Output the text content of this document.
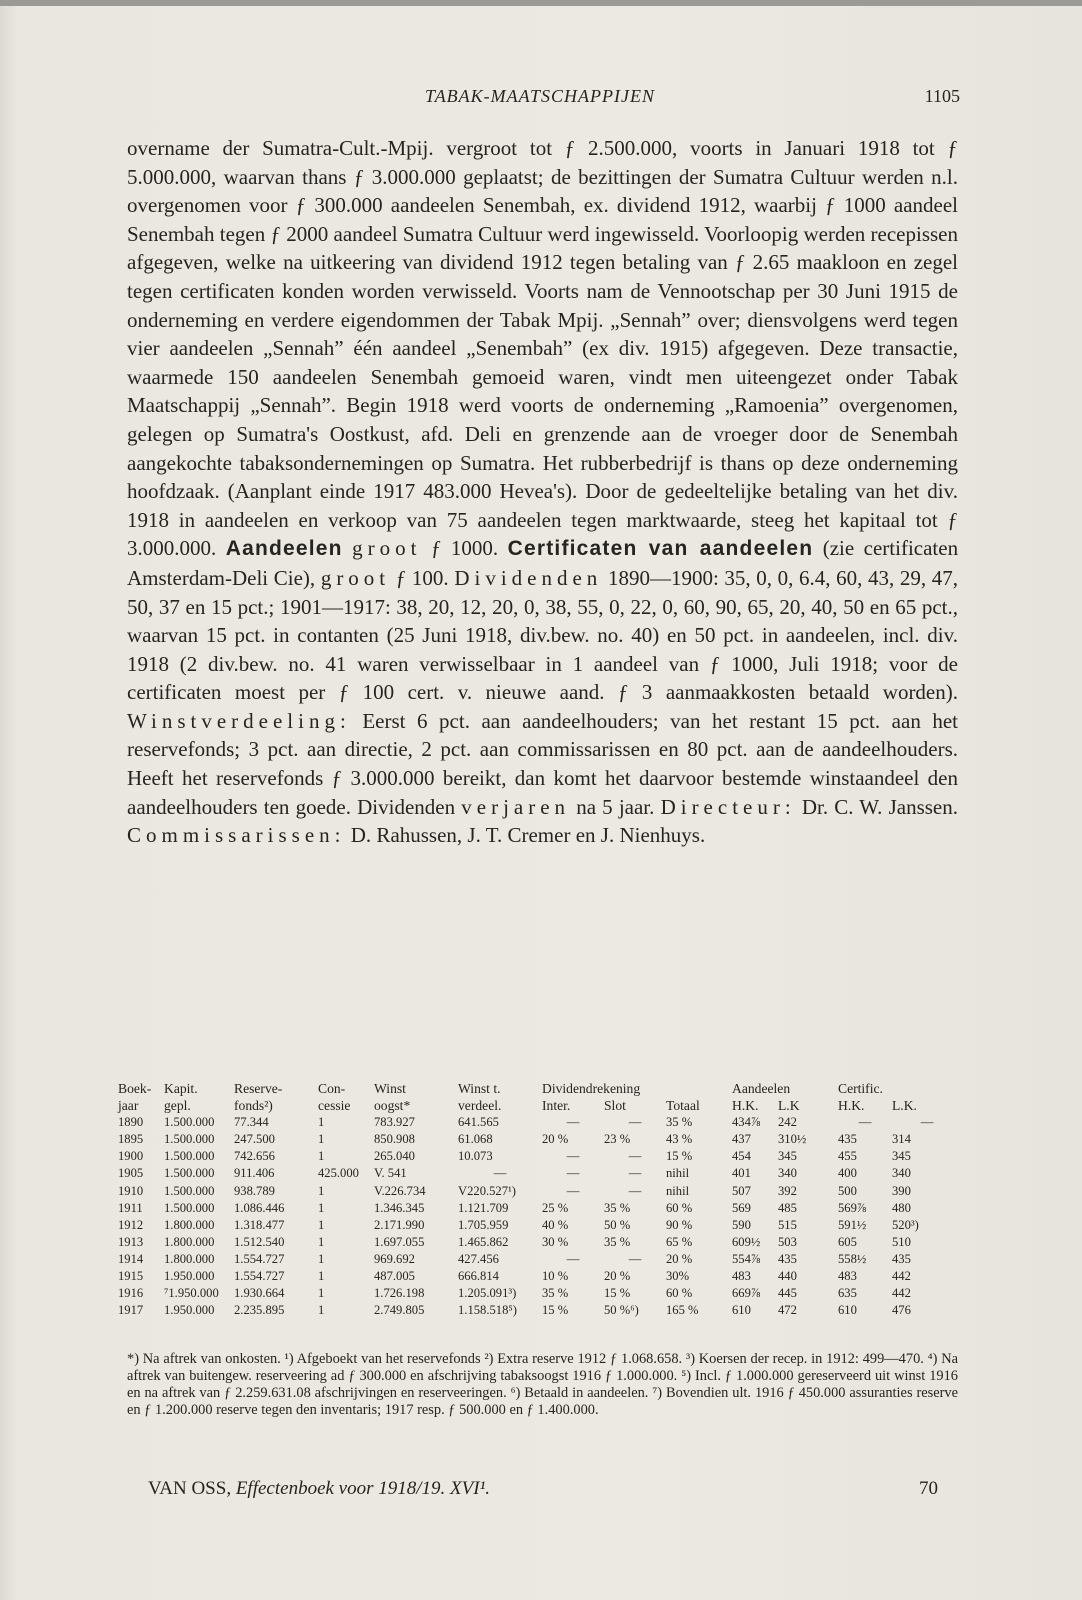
TABAK-MAATSCHAPPIJEN	1105

overname der Sumatra-Cult.-Mpij. vergroot tot ƒ 2.500.000, voorts in Januari 1918 tot ƒ 5.000.000, waarvan thans ƒ 3.000.000 geplaatst; de bezittingen der Sumatra Cultuur werden n.l. overgenomen voor ƒ 300.000 aandeelen Senembah, ex. dividend 1912, waarbij ƒ 1000 aandeel Senembah tegen ƒ 2000 aandeel Sumatra Cultuur werd ingewisseld. Voorloopig werden recepissen afgegeven, welke na uitkeering van dividend 1912 tegen betaling van ƒ 2.65 maakloon en zegel tegen certificaten konden worden verwisseld. Voorts nam de Vennootschap per 30 Juni 1915 de onderneming en verdere eigendommen der Tabak Mpij. „Sennah” over; diensvolgens werd tegen vier aandeelen „Sennah” één aandeel „Senembah” (ex div. 1915) afgegeven. Deze transactie, waarmede 150 aandeelen Senembah gemoeid waren, vindt men uiteengezet onder Tabak Maatschappij „Sennah”. Begin 1918 werd voorts de onderneming „Ramoenia” overgenomen, gelegen op Sumatra's Oostkust, afd. Deli en grenzende aan de vroeger door de Senembah aangekochte tabaksondernemingen op Sumatra. Het rubberbedrijf is thans op deze onderneming hoofdzaak. (Aanplant einde 1917 483.000 Hevea's). Door de gedeeltelijke betaling van het div. 1918 in aandeelen en verkoop van 75 aandeelen tegen marktwaarde, steeg het kapitaal tot ƒ 3.000.000. Aandeelen groot ƒ 1000. Certificaten van aandeelen (zie certificaten Amsterdam-Deli Cie), groot ƒ 100. Dividenden 1890—1900: 35, 0, 0, 6.4, 60, 43, 29, 47, 50, 37 en 15 pct.; 1901—1917: 38, 20, 12, 20, 0, 38, 55, 0, 22, 0, 60, 90, 65, 20, 40, 50 en 65 pct., waarvan 15 pct. in contanten (25 Juni 1918, div.bew. no. 40) en 50 pct. in aandeelen, incl. div. 1918 (2 div.bew. no. 41 waren verwisselbaar in 1 aandeel van ƒ 1000, Juli 1918; voor de certificaten moest per ƒ 100 cert. v. nieuwe aand. ƒ 3 aanmaakkosten betaald worden). Winstverdeeling: Eerst 6 pct. aan aandeelhouders; van het restant 15 pct. aan het reservefonds; 3 pct. aan directie, 2 pct. aan commissarissen en 80 pct. aan de aandeelhouders. Heeft het reservefonds ƒ 3.000.000 bereikt, dan komt het daarvoor bestemde winstaandeel den aandeelhouders ten goede. Dividenden verjaren na 5 jaar. Directeur: Dr. C. W. Janssen. Commissarissen: D. Rahussen, J. T. Cremer en J. Nienhuys.

Boek-	Kapit.	Reserve-	Con-	Winst	Winst t.	Dividendrekening			Aandeelen		Certific.	
jaar	gepl.	fonds²)	cessie	oogst*	verdeel.	Inter.	Slot	Totaal	H.K.	L.K	H.K.	L.K.
1890	1.500.000	77.344	1	783.927	641.565	—	—	35 %	434⅞	242	—	—
1895	1.500.000	247.500	1	850.908	61.068	20 %	23 %	43 %	437	310½	435	314
1900	1.500.000	742.656	1	265.040	10.073	—	—	15 %	454	345	455	345
1905	1.500.000	911.406	425.000	V. 541	—	—	—	nihil	401	340	400	340
1910	1.500.000	938.789	1	V.226.734	V220.527¹)	—	—	nihil	507	392	500	390
1911	1.500.000	1.086.446	1	1.346.345	1.121.709	25 %	35 %	60 %	569	485	569⅞	480
1912	1.800.000	1.318.477	1	2.171.990	1.705.959	40 %	50 %	90 %	590	515	591½	520³)
1913	1.800.000	1.512.540	1	1.697.055	1.465.862	30 %	35 %	65 %	609½	503	605	510
1914	1.800.000	1.554.727	1	969.692	427.456	—	—	20 %	554⅞	435	558½	435
1915	1.950.000	1.554.727	1	487.005	666.814	10 %	20 %	30%	483	440	483	442
1916	⁷1.950.000	1.930.664	1	1.726.198	1.205.091³)	35 %	15 %	60 %	669⅞	445	635	442
1917	1.950.000	2.235.895	1	2.749.805	1.158.518⁵)	15 %	50 %⁶)	165 %	610	472	610	476

*) Na aftrek van onkosten. ¹) Afgeboekt van het reservefonds ²) Extra reserve 1912 ƒ 1.068.658. ³) Koersen der recep. in 1912: 499—470. ⁴) Na aftrek van buitengew. reserveering ad ƒ 300.000 en afschrijving tabaksoogst 1916 ƒ 1.000.000. ⁵) Incl. ƒ 1.000.000 gereserveerd uit winst 1916 en na aftrek van ƒ 2.259.631.08 afschrijvingen en reserveeringen. ⁶) Betaald in aandeelen. ⁷) Bovendien ult. 1916 ƒ 450.000 assuranties reserve en ƒ 1.200.000 reserve tegen den inventaris; 1917 resp. ƒ 500.000 en ƒ 1.400.000.

VAN OSS, Effectenboek voor 1918/19. XVI¹.	70
